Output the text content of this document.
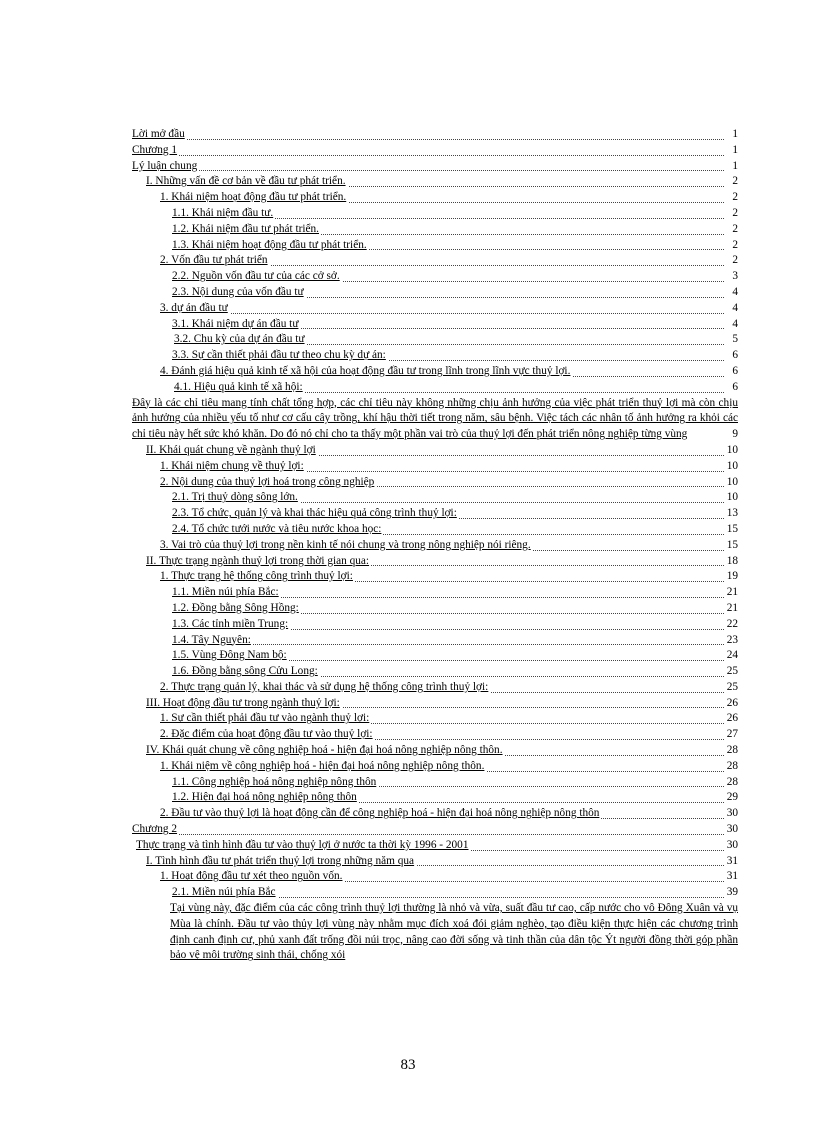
Lời mở đầu	1
Chương 1	1
Lý luận chung	1
I. Những vấn đề cơ bản về đầu tư phát triển.	2
1. Khái niệm hoạt động đầu tư phát triển.	2
1.1. Khái niệm đầu tư.	2
1.2. Khái niệm đầu tư phát triển.	2
1.3. Khái niệm hoạt động đầu tư phát triển.	2
2. Vốn đầu tư phát triển	2
2.2. Nguồn vốn đầu tư của các cở sở.	3
2.3. Nội dung của vốn đầu tư	4
3. dự án đầu tư	4
3.1. Khái niệm dự án đầu tư	4
3.2. Chu kỳ của dự án đầu tư	5
3.3. Sự cần thiết phải đầu tư theo chu kỳ dự án:	6
4. Đánh giá hiệu quả kinh tế xã hội của hoạt động đầu tư trong lĩnh trong lĩnh vực thuỷ lợi.	6
4.1. Hiệu quả kinh tế xã hội:	6
Đây là các chỉ tiêu mang tính chất tổng hợp, các chỉ tiêu này không những chịu ảnh hưởng của việc phát triển thuỷ lợi mà còn chịu ảnh hưởng của nhiều yếu tố như cơ cấu cây trồng, khí hậu thời tiết trong năm, sâu bệnh. Việc tách các nhân tố ảnh hưởng ra khỏi các chỉ tiêu này hết sức khó khăn. Do đó nó chỉ cho ta thấy một phần vai trò của thuỷ lợi đến phát triển nông nghiệp từng vùng	9
II. Khái quát chung về ngành thuỷ lợi	10
1. Khái niệm chung về thuỷ lợi:	10
2. Nội dung của thuỷ lợi hoá trong công nghiệp	10
2.1. Trị thuỷ dòng sông lớn.	10
2.3. Tổ chức, quản lý và khai thác hiệu quả công trình thuỷ lợi:	13
2.4. Tổ chức tưới nước và tiêu nước khoa học:	15
3. Vai trò của thuỷ lợi trong nền kinh tế nói chung và trong nông nghiệp nói riêng.	15
II. Thực trạng ngành thuỷ lợi trong thời gian qua:	18
1. Thực trạng hệ thống công trình thuỷ lợi:	19
1.1. Miền núi phía Bắc:	21
1.2. Đồng bằng Sông Hồng:	21
1.3. Các tỉnh miền Trung:	22
1.4. Tây Nguyên:	23
1.5. Vùng Đông Nam bộ:	24
1.6. Đồng bằng sông Cửu Long:	25
2. Thực trạng quản lý, khai thác và sử dụng hệ thống công trình thuỷ lợi:	25
III. Hoạt động đầu tư trong ngành thuỷ lợi:	26
1. Sự cần thiết phải đầu tư vào ngành thuỷ lợi:	26
2. Đặc điểm của hoạt động đầu tư vào thuỷ lợi:	27
IV. Khái quát chung về công nghiệp hoá - hiện đại hoá nông nghiệp nông thôn.	28
1. Khái niệm về công nghiệp hoá - hiện đại hoá nông nghiệp nông thôn.	28
1.1. Công nghiệp hoá nông nghiệp nông thôn	28
1.2. Hiện đại hoá nông nghiệp nông thôn	29
2. Đầu tư vào thuỷ lợi là hoạt động cần để công nghiệp hoá - hiện đại hoá nông nghiệp nông thôn	30
Chương 2	30
Thực trạng và tình hình đầu tư vào thuỷ lợi ở nước ta thời kỳ 1996 - 2001	30
I. Tình hình đầu tư phát triển thuỷ lợi trong những năm qua	31
1. Hoạt động đầu tư xét theo nguồn vốn.	31
2.1. Miền núi phía Bắc	39
Tại vùng này, đặc điểm của các công trình thuỷ lợi thường là nhỏ và vừa, suất đầu tư cao, cấp nước cho vô Đông Xuân và vụ Mùa là chính. Đầu tư vào thủy lợi vùng này nhằm mục đích xoá đói giảm nghèo, tạo điều kiện thực hiện các chương trình định canh định cư, phủ xanh đất trống đồi núi trọc, nâng cao đời sống và tinh thần của dân tộc Ýt người đồng thời góp phần bảo vệ môi trường sinh thái, chống xói
83
